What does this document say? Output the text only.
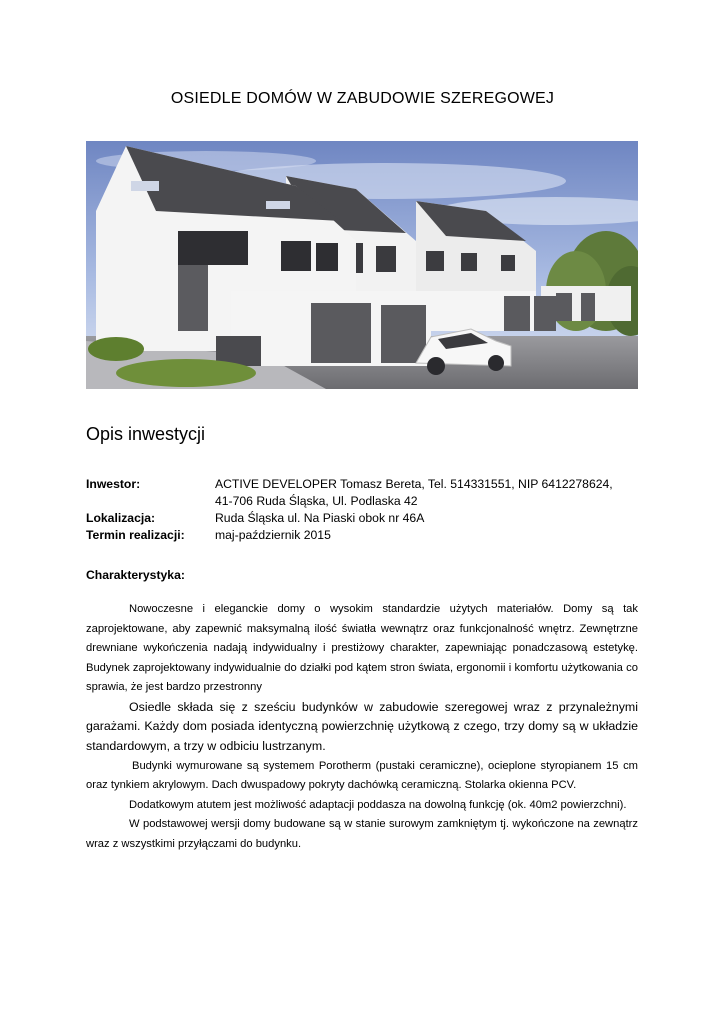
OSIEDLE DOMÓW W ZABUDOWIE SZEREGOWEJ
Opis inwestycji
Inwestor:	ACTIVE DEVELOPER Tomasz Bereta, Tel. 514331551, NIP 6412278624,
41-706 Ruda Śląska, Ul. Podlaska 42
Lokalizacja:	Ruda Śląska ul. Na Piaski obok nr 46A
Termin realizacji: maj-październik 2015
Charakterystyka:

Nowoczesne i eleganckie domy o wysokim standardzie użytych materiałów. Domy są tak zaprojektowane, aby zapewnić maksymalną ilość światła wewnątrz oraz funkcjonalność wnętrz. Zewnętrzne drewniane wykończenia nadają indywidualny i prestiżowy charakter, zapewniając ponadczasową estetykę. Budynek zaprojektowany indywidualnie do działki pod kątem stron świata, ergonomii i komfortu użytkowania co sprawia, że jest bardzo przestronny

Osiedle składa się z sześciu budynków w zabudowie szeregowej wraz z przynależnymi garażami. Każdy dom posiada identyczną powierzchnię użytkową z czego, trzy domy są w układzie standardowym, a trzy w odbiciu lustrzanym.

Budynki wymurowane są systemem Porotherm (pustaki ceramiczne), ocieplone styropianem 15 cm oraz tynkiem akrylowym. Dach dwuspadowy pokryty dachówką ceramiczną. Stolarka okienna PCV.

Dodatkowym atutem jest możliwość adaptacji poddasza na dowolną funkcję (ok. 40m2 powierzchni).

W podstawowej wersji domy budowane są w stanie surowym zamkniętym tj. wykończone na zewnątrz wraz z wszystkimi przyłączami do budynku.
